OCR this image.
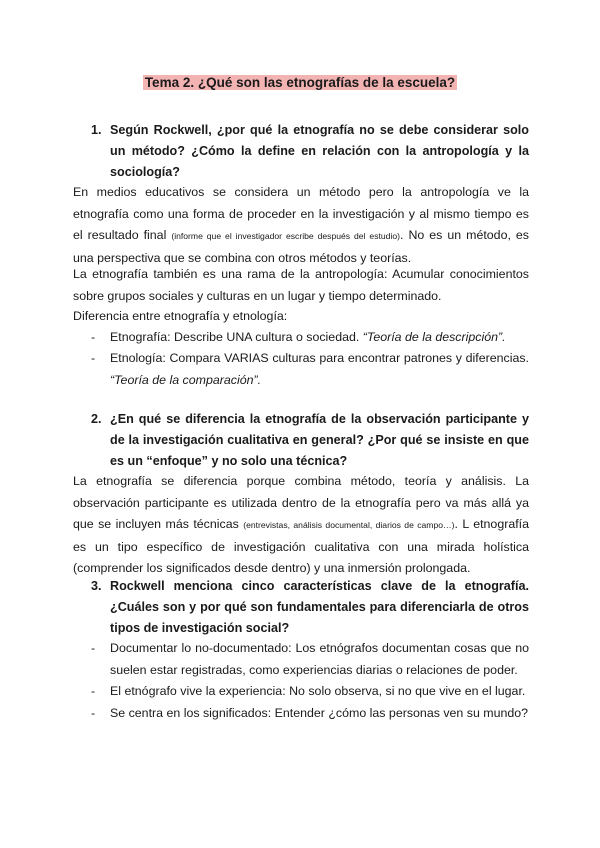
Tema 2. ¿Qué son las etnografías de la escuela?
1. Según Rockwell, ¿por qué la etnografía no se debe considerar solo un método? ¿Cómo la define en relación con la antropología y la sociología?
En medios educativos se considera un método pero la antropología ve la etnografía como una forma de proceder en la investigación y al mismo tiempo es el resultado final (informe que el investigador escribe después del estudio). No es un método, es una perspectiva que se combina con otros métodos y teorías.
La etnografía también es una rama de la antropología: Acumular conocimientos sobre grupos sociales y culturas en un lugar y tiempo determinado.
Diferencia entre etnografía y etnología:
- Etnografía: Describe UNA cultura o sociedad. “Teoría de la descripción”.
- Etnología: Compara VARIAS culturas para encontrar patrones y diferencias. “Teoría de la comparación”.
2. ¿En qué se diferencia la etnografía de la observación participante y de la investigación cualitativa en general? ¿Por qué se insiste en que es un “enfoque” y no solo una técnica?
La etnografía se diferencia porque combina método, teoría y análisis. La observación participante es utilizada dentro de la etnografía pero va más allá ya que se incluyen más técnicas (entrevistas, análisis documental, diarios de campo…). L etnografía es un tipo específico de investigación cualitativa con una mirada holística (comprender los significados desde dentro) y una inmersión prolongada.
3. Rockwell menciona cinco características clave de la etnografía. ¿Cuáles son y por qué son fundamentales para diferenciarla de otros tipos de investigación social?
- Documentar lo no-documentado: Los etnógrafos documentan cosas que no suelen estar registradas, como experiencias diarias o relaciones de poder.
- El etnógrafo vive la experiencia: No solo observa, si no que vive en el lugar.
- Se centra en los significados: Entender ¿cómo las personas ven su mundo?
